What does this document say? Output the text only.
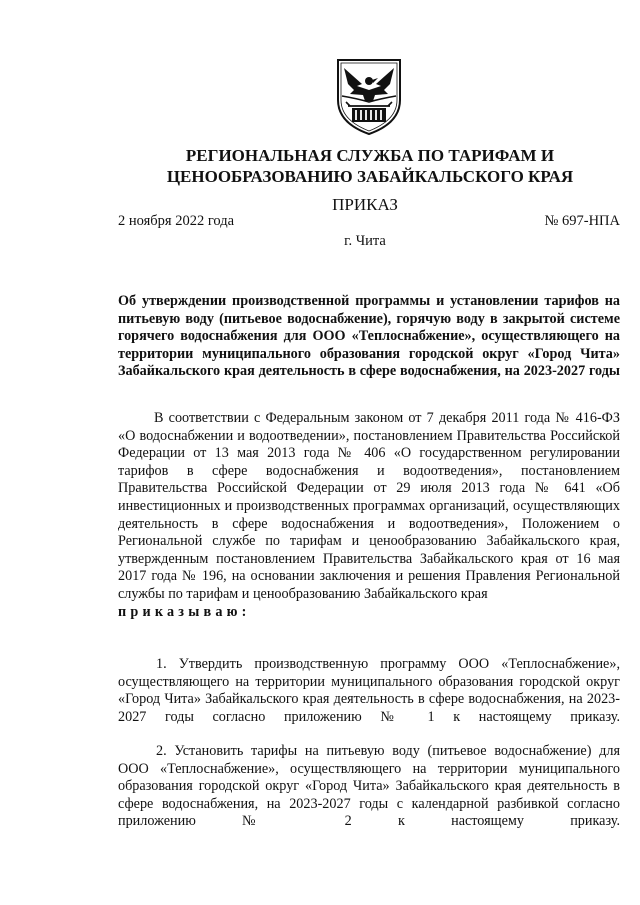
РЕГИОНАЛЬНАЯ СЛУЖБА ПО ТАРИФАМ И
ЦЕНООБРАЗОВАНИЮ ЗАБАЙКАЛЬСКОГО КРАЯ
ПРИКАЗ
2 ноября 2022 года	№ 697-НПА
г. Чита

Об утверждении производственной программы и установлении тарифов на питьевую воду (питьевое водоснабжение), горячую воду в закрытой системе горячего водоснабжения для ООО «Теплоснабжение», осуществляющего на территории муниципального образования городской округ «Город Чита» Забайкальского края деятельность в сфере водоснабжения, на 2023-2027 годы

В соответствии с Федеральным законом от 7 декабря 2011 года № 416-ФЗ «О водоснабжении и водоотведении», постановлением Правительства Российской Федерации от 13 мая 2013 года № 406 «О государственном регулировании тарифов в сфере водоснабжения и водоотведения», постановлением Правительства Российской Федерации от 29 июля 2013 года № 641 «Об инвестиционных и производственных программах организаций, осуществляющих деятельность в сфере водоснабжения и водоотведения», Положением о Региональной службе по тарифам и ценообразованию Забайкальского края, утвержденным постановлением Правительства Забайкальского края от 16 мая 2017 года № 196, на основании заключения и решения Правления Региональной службы по тарифам и ценообразованию Забайкальского края
приказываю:

1. Утвердить производственную программу ООО «Теплоснабжение», осуществляющего на территории муниципального образования городской округ «Город Чита» Забайкальского края деятельность в сфере водоснабжения, на 2023-2027 годы согласно приложению № 1 к настоящему приказу.

2. Установить тарифы на питьевую воду (питьевое водоснабжение) для ООО «Теплоснабжение», осуществляющего на территории муниципального образования городской округ «Город Чита» Забайкальского края деятельность в сфере водоснабжения, на 2023-2027 годы с календарной разбивкой согласно приложению № 2 к настоящему приказу.
